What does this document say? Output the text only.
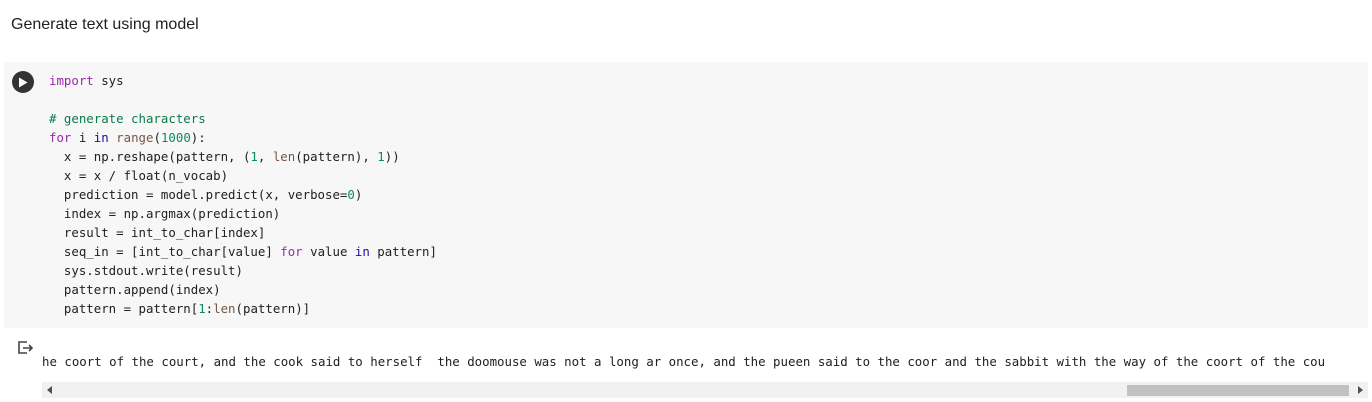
Generate text using model
import sys
# generate characters
for i in range(1000):
x = np.reshape(pattern, (1, len(pattern), 1))
x = x / float(n_vocab)
prediction = model.predict(x, verbose=0)
index = np.argmax(prediction)
result = int_to_char[index]
seq_in = [int_to_char[value] for value in pattern]
sys.stdout.write(result)
pattern.append(index)
pattern = pattern[1:len(pattern)]
he coort of the court, and the cook said to herself  the doomouse was not a long ar once, and the pueen said to the coor and the sabbit with the way of the coort of the cou
